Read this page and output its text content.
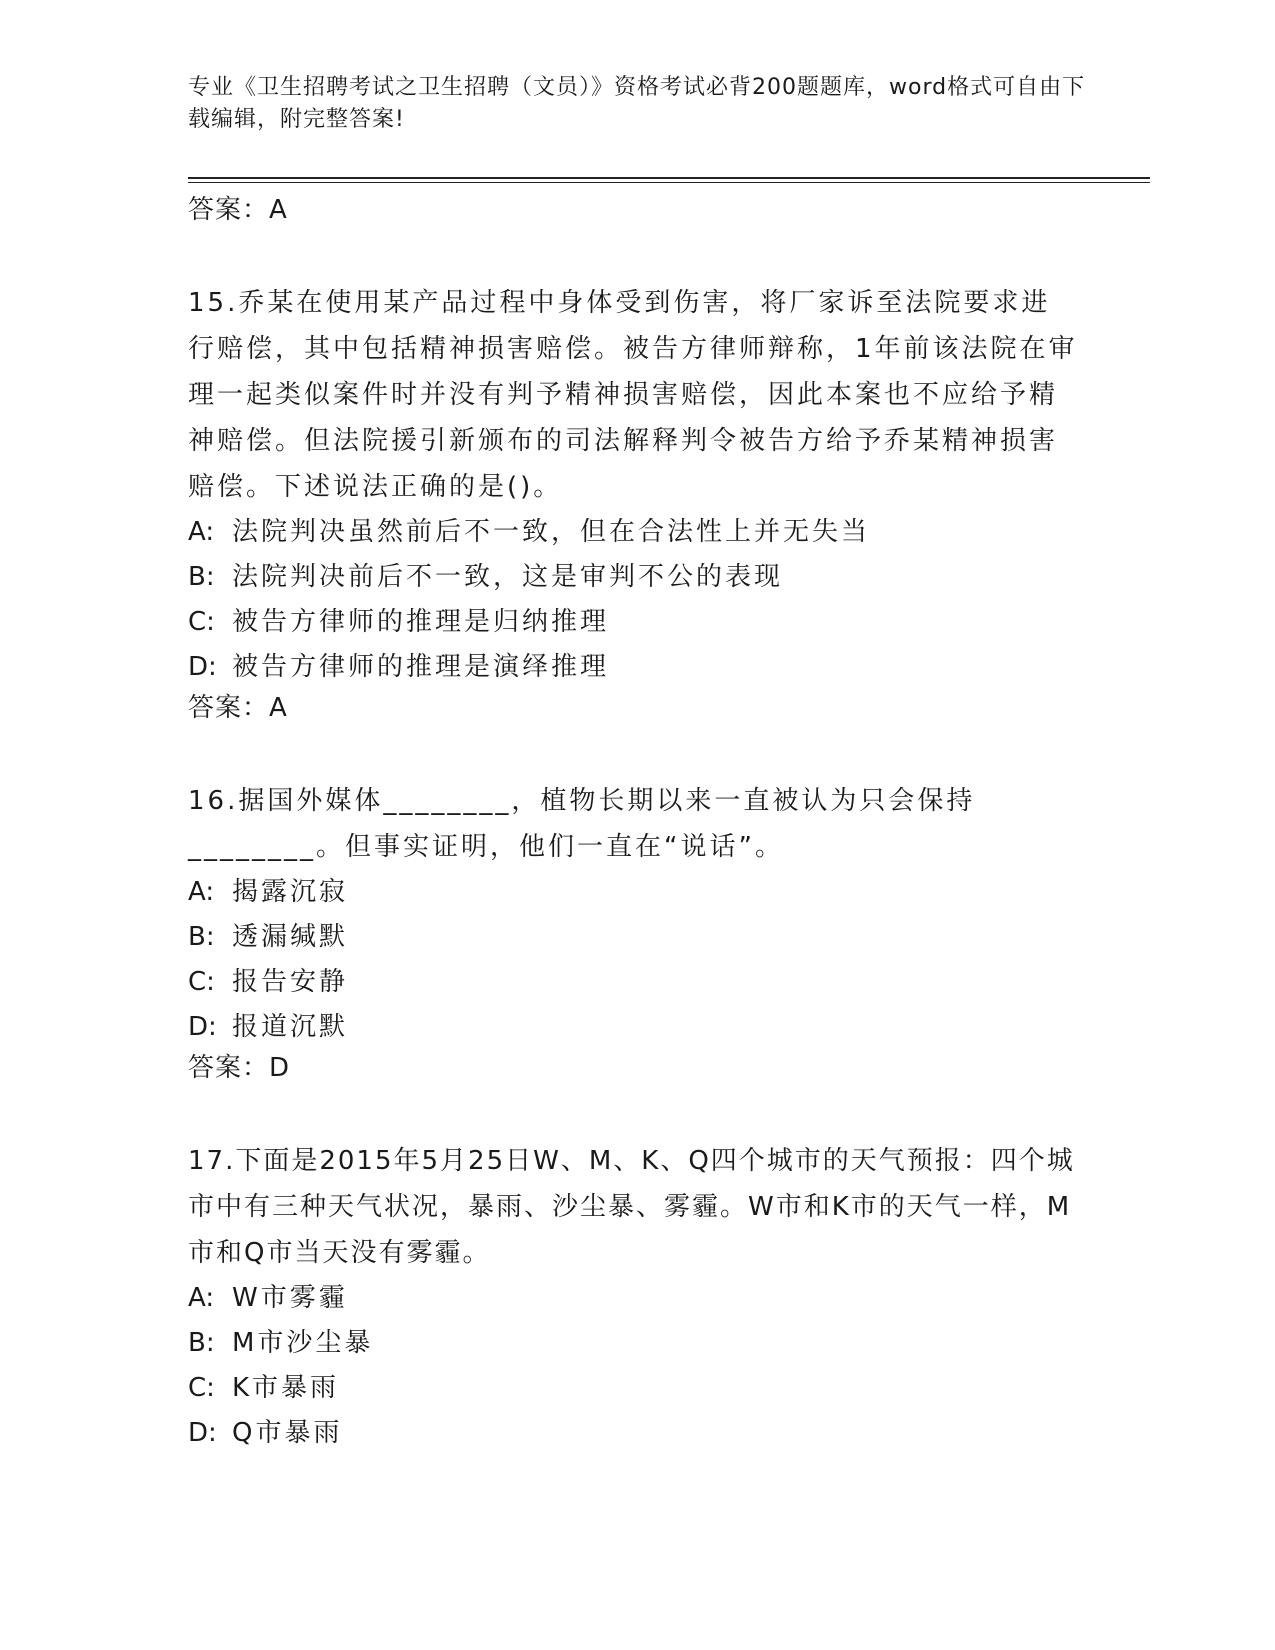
专业《卫生招聘考试之卫生招聘（文员）》资格考试必背200题题库，word格式可自由下载编辑，附完整答案!

答案：A

15.乔某在使用某产品过程中身体受到伤害，将厂家诉至法院要求进行赔偿，其中包括精神损害赔偿。被告方律师辩称，1年前该法院在审理一起类似案件时并没有判予精神损害赔偿，因此本案也不应给予精神赔偿。但法院援引新颁布的司法解释判令被告方给予乔某精神损害赔偿。下述说法正确的是()。

A: 法院判决虽然前后不一致，但在合法性上并无失当

B: 法院判决前后不一致，这是审判不公的表现

C: 被告方律师的推理是归纳推理

D: 被告方律师的推理是演绎推理

答案：A

16.据国外媒体________，植物长期以来一直被认为只会保持________。但事实证明，他们一直在“说话”。

A: 揭露沉寂

B: 透漏缄默

C: 报告安静

D: 报道沉默

答案：D

17.下面是2015年5月25日W、M、K、Q四个城市的天气预报：四个城市中有三种天气状况，暴雨、沙尘暴、雾霾。W市和K市的天气一样，M市和Q市当天没有雾霾。

A: W市雾霾

B: M市沙尘暴

C: K市暴雨

D: Q市暴雨
